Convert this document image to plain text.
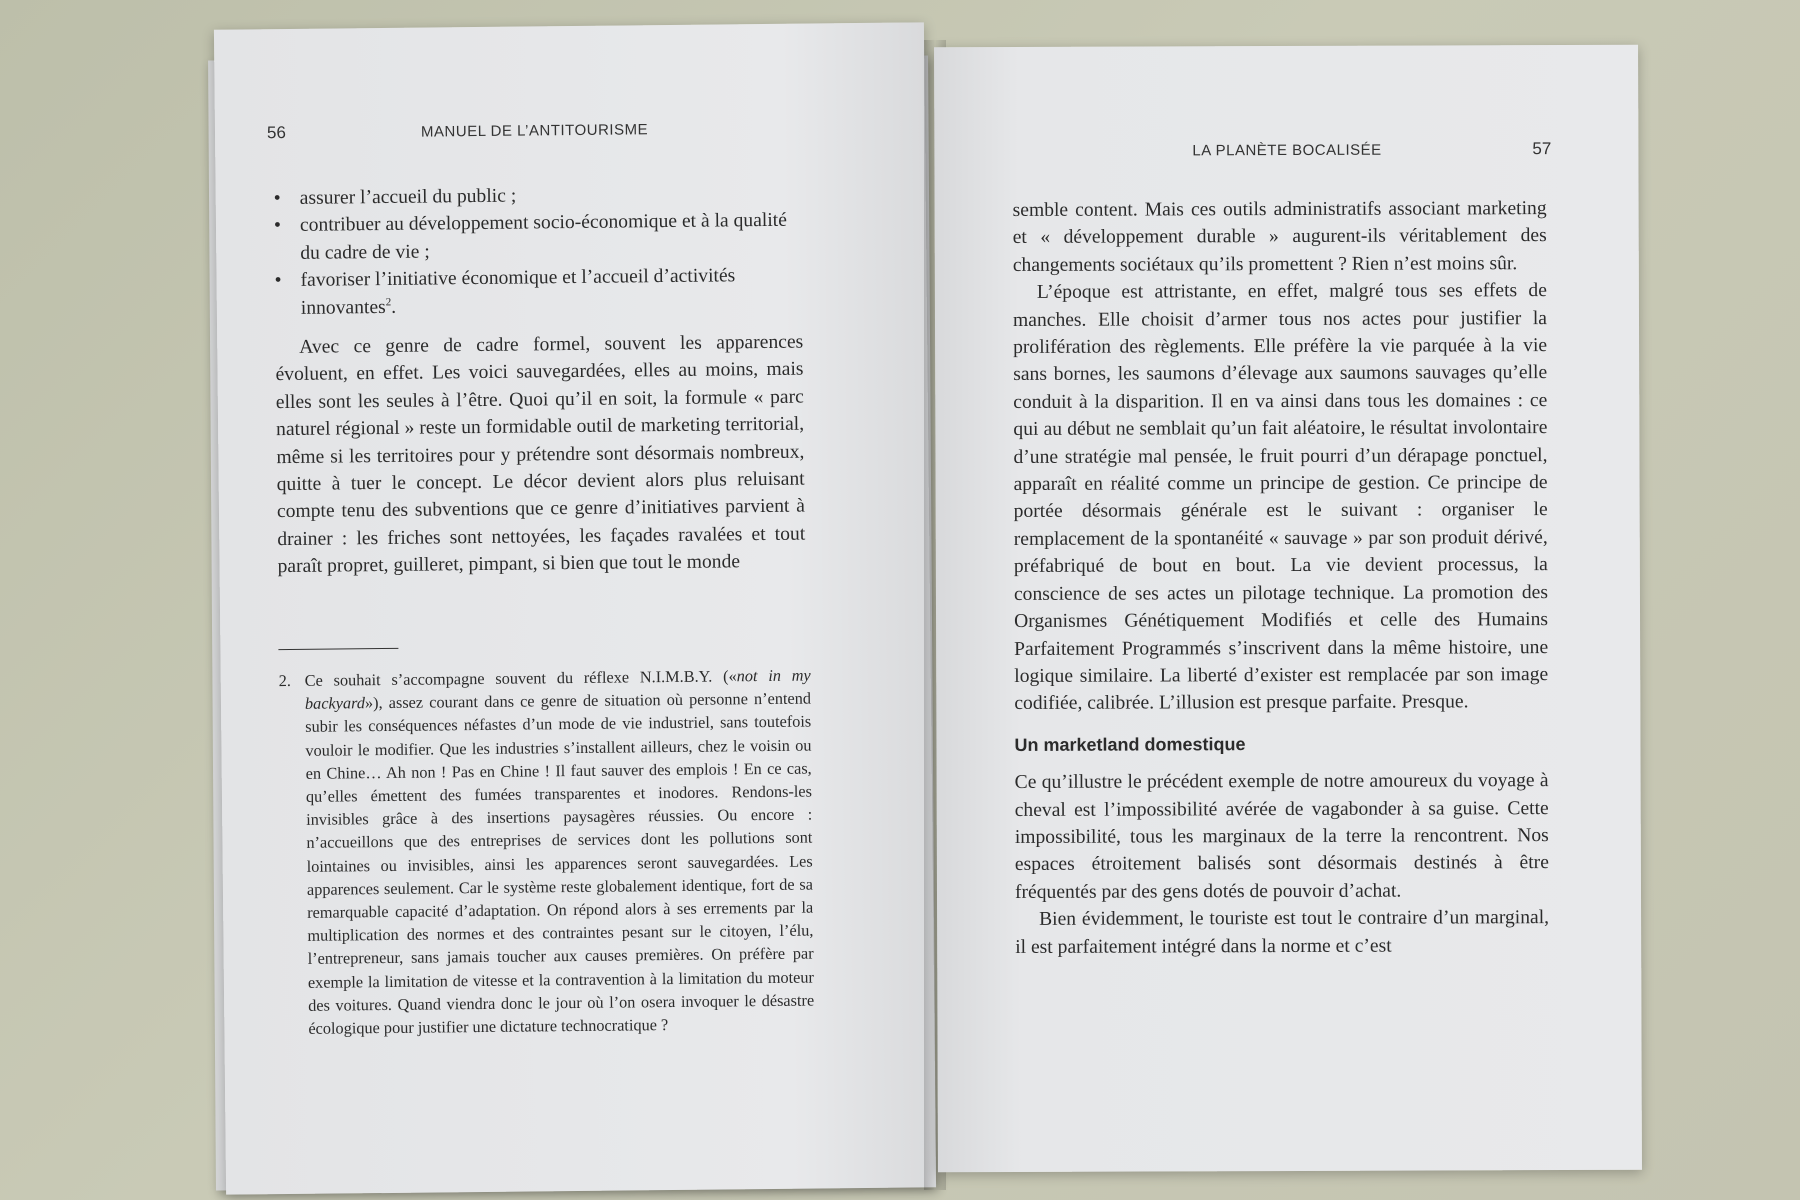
56	MANUEL DE L’ANTITOURISME
• assurer l’accueil du public ;
• contribuer au développement socio-économique et à la qualité du cadre de vie ;
• favoriser l’initiative économique et l’accueil d’activités innovantes$^2$.

Avec ce genre de cadre formel, souvent les apparences évoluent, en effet. Les voici sauvegardées, elles au moins, mais elles sont les seules à l’être. Quoi qu’il en soit, la formule « parc naturel régional » reste un formidable outil de marketing territorial, même si les territoires pour y prétendre sont désormais nombreux, quitte à tuer le concept. Le décor devient alors plus reluisant compte tenu des subventions que ce genre d’initiatives parvient à drainer : les friches sont nettoyées, les façades ravalées et tout paraît propret, guilleret, pimpant, si bien que tout le monde

2. Ce souhait s’accompagne souvent du réflexe N.I.M.B.Y. («not in my backyard»), assez courant dans ce genre de situation où personne n’entend subir les conséquences néfastes d’un mode de vie industriel, sans toutefois vouloir le modifier. Que les industries s’installent ailleurs, chez le voisin ou en Chine… Ah non ! Pas en Chine ! Il faut sauver des emplois ! En ce cas, qu’elles émettent des fumées transparentes et inodores. Rendons-les invisibles grâce à des insertions paysagères réussies. Ou encore : n’accueillons que des entreprises de services dont les pollutions sont lointaines ou invisibles, ainsi les apparences seront sauvegardées. Les apparences seulement. Car le système reste globalement identique, fort de sa remarquable capacité d’adaptation. On répond alors à ses errements par la multiplication des normes et des contraintes pesant sur le citoyen, l’élu, l’entrepreneur, sans jamais toucher aux causes premières. On préfère par exemple la limitation de vitesse et la contravention à la limitation du moteur des voitures. Quand viendra donc le jour où l’on osera invoquer le désastre écologique pour justifier une dictature technocratique ?
LA PLANÈTE BOCALISÉE	57

semble content. Mais ces outils administratifs associant marketing et « développement durable » augurent-ils véritablement des changements sociétaux qu’ils promettent ? Rien n’est moins sûr.

L’époque est attristante, en effet, malgré tous ses effets de manches. Elle choisit d’armer tous nos actes pour justifier la prolifération des règlements. Elle préfère la vie parquée à la vie sans bornes, les saumons d’élevage aux saumons sauvages qu’elle conduit à la disparition. Il en va ainsi dans tous les domaines : ce qui au début ne semblait qu’un fait aléatoire, le résultat involontaire d’une stratégie mal pensée, le fruit pourri d’un dérapage ponctuel, apparaît en réalité comme un principe de gestion. Ce principe de portée désormais générale est le suivant : organiser le remplacement de la spontanéité « sauvage » par son produit dérivé, préfabriqué de bout en bout. La vie devient processus, la conscience de ses actes un pilotage technique. La promotion des Organismes Génétiquement Modifiés et celle des Humains Parfaitement Programmés s’inscrivent dans la même histoire, une logique similaire. La liberté d’exister est remplacée par son image codifiée, calibrée. L’illusion est presque parfaite. Presque.

Un marketland domestique

Ce qu’illustre le précédent exemple de notre amoureux du voyage à cheval est l’impossibilité avérée de vagabonder à sa guise. Cette impossibilité, tous les marginaux de la terre la rencontrent. Nos espaces étroitement balisés sont désormais destinés à être fréquentés par des gens dotés de pouvoir d’achat.

Bien évidemment, le touriste est tout le contraire d’un marginal, il est parfaitement intégré dans la norme et c’est
